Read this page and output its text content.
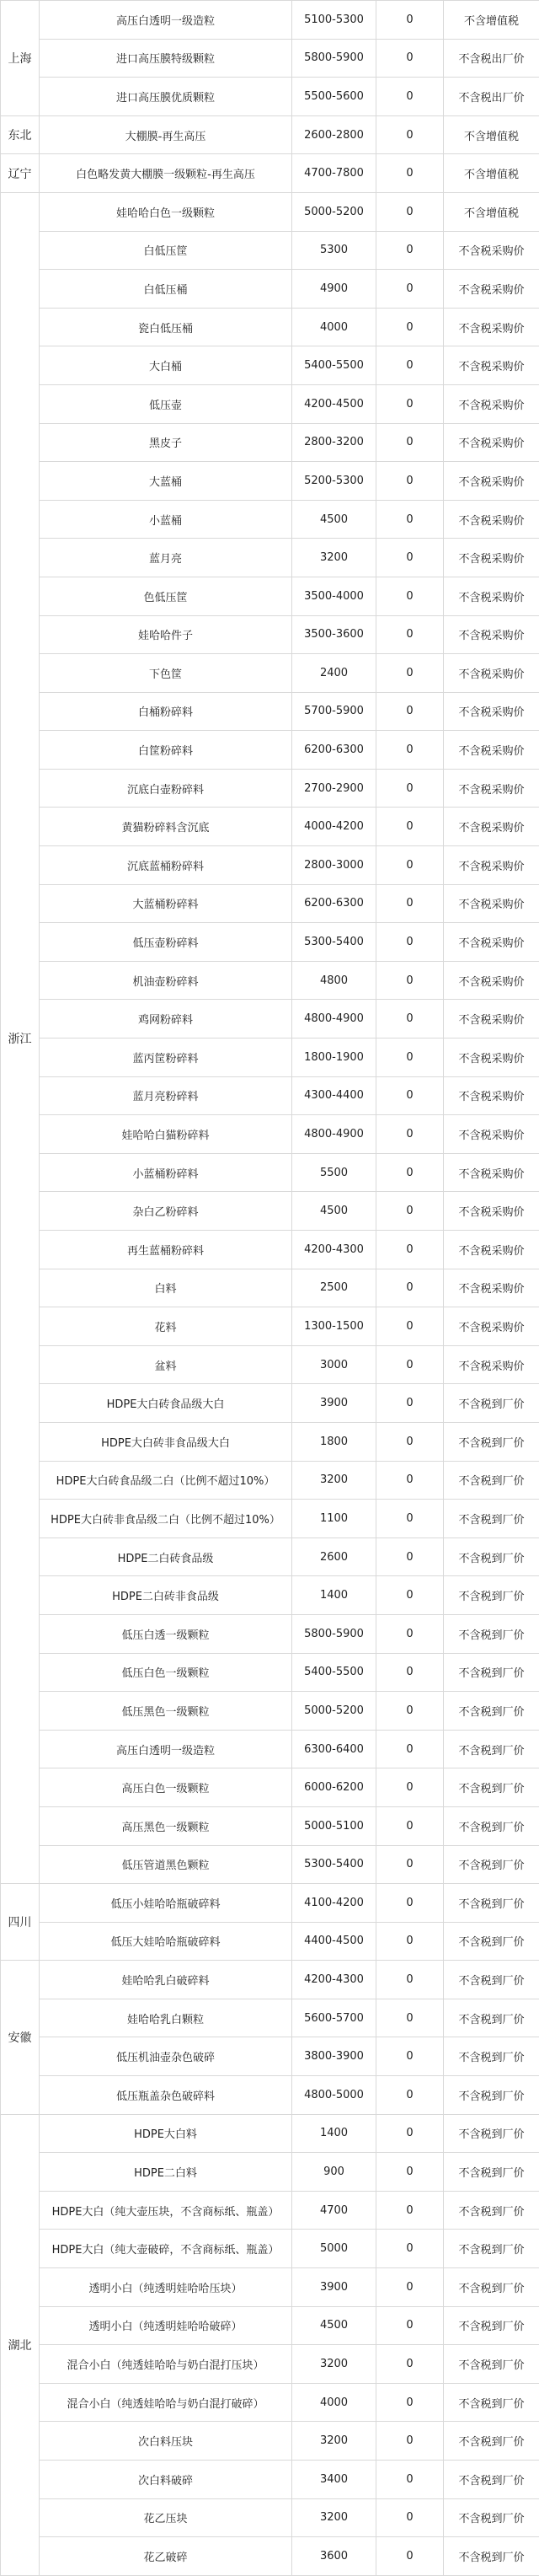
上海	高压白透明一级造粒	5100-5300	0	不含增值税
	进口高压膜特级颗粒	5800-5900	0	不含税出厂价
	进口高压膜优质颗粒	5500-5600	0	不含税出厂价
东北	大棚膜-再生高压	2600-2800	0	不含增值税
辽宁	白色略发黄大棚膜一级颗粒-再生高压	4700-7800	0	不含增值税
浙江	娃哈哈白色一级颗粒	5000-5200	0	不含增值税
	白低压筐	5300	0	不含税采购价
	白低压桶	4900	0	不含税采购价
	瓷白低压桶	4000	0	不含税采购价
	大白桶	5400-5500	0	不含税采购价
	低压壶	4200-4500	0	不含税采购价
	黑皮子	2800-3200	0	不含税采购价
	大蓝桶	5200-5300	0	不含税采购价
	小蓝桶	4500	0	不含税采购价
	蓝月亮	3200	0	不含税采购价
	色低压筐	3500-4000	0	不含税采购价
	娃哈哈件子	3500-3600	0	不含税采购价
	下色筐	2400	0	不含税采购价
	白桶粉碎料	5700-5900	0	不含税采购价
	白筐粉碎料	6200-6300	0	不含税采购价
	沉底白壶粉碎料	2700-2900	0	不含税采购价
	黄猫粉碎料含沉底	4000-4200	0	不含税采购价
	沉底蓝桶粉碎料	2800-3000	0	不含税采购价
	大蓝桶粉碎料	6200-6300	0	不含税采购价
	低压壶粉碎料	5300-5400	0	不含税采购价
	机油壶粉碎料	4800	0	不含税采购价
	鸡网粉碎料	4800-4900	0	不含税采购价
	蓝丙筐粉碎料	1800-1900	0	不含税采购价
	蓝月亮粉碎料	4300-4400	0	不含税采购价
	娃哈哈白猫粉碎料	4800-4900	0	不含税采购价
	小蓝桶粉碎料	5500	0	不含税采购价
	杂白乙粉碎料	4500	0	不含税采购价
	再生蓝桶粉碎料	4200-4300	0	不含税采购价
	白料	2500	0	不含税采购价
	花料	1300-1500	0	不含税采购价
	盆料	3000	0	不含税采购价
	HDPE大白砖食品级大白	3900	0	不含税到厂价
	HDPE大白砖非食品级大白	1800	0	不含税到厂价
	HDPE大白砖食品级二白（比例不超过10%）	3200	0	不含税到厂价
	HDPE大白砖非食品级二白（比例不超过10%）	1100	0	不含税到厂价
	HDPE二白砖食品级	2600	0	不含税到厂价
	HDPE二白砖非食品级	1400	0	不含税到厂价
	低压白透一级颗粒	5800-5900	0	不含税到厂价
	低压白色一级颗粒	5400-5500	0	不含税到厂价
	低压黑色一级颗粒	5000-5200	0	不含税到厂价
	高压白透明一级造粒	6300-6400	0	不含税到厂价
	高压白色一级颗粒	6000-6200	0	不含税到厂价
	高压黑色一级颗粒	5000-5100	0	不含税到厂价
	低压管道黑色颗粒	5300-5400	0	不含税到厂价
四川	低压小娃哈哈瓶破碎料	4100-4200	0	不含税到厂价
	低压大娃哈哈瓶破碎料	4400-4500	0	不含税到厂价
安徽	娃哈哈乳白破碎料	4200-4300	0	不含税到厂价
	娃哈哈乳白颗粒	5600-5700	0	不含税到厂价
	低压机油壶杂色破碎	3800-3900	0	不含税到厂价
	低压瓶盖杂色破碎料	4800-5000	0	不含税到厂价
湖北	HDPE大白料	1400	0	不含税到厂价
	HDPE二白料	900	0	不含税到厂价
	HDPE大白（纯大壶压块，不含商标纸、瓶盖）	4700	0	不含税到厂价
	HDPE大白（纯大壶破碎，不含商标纸、瓶盖）	5000	0	不含税到厂价
	透明小白（纯透明娃哈哈压块）	3900	0	不含税到厂价
	透明小白（纯透明娃哈哈破碎）	4500	0	不含税到厂价
	混合小白（纯透娃哈哈与奶白混打压块）	3200	0	不含税到厂价
	混合小白（纯透娃哈哈与奶白混打破碎）	4000	0	不含税到厂价
	次白料压块	3200	0	不含税到厂价
	次白料破碎	3400	0	不含税到厂价
	花乙压块	3200	0	不含税到厂价
	花乙破碎	3600	0	不含税到厂价
